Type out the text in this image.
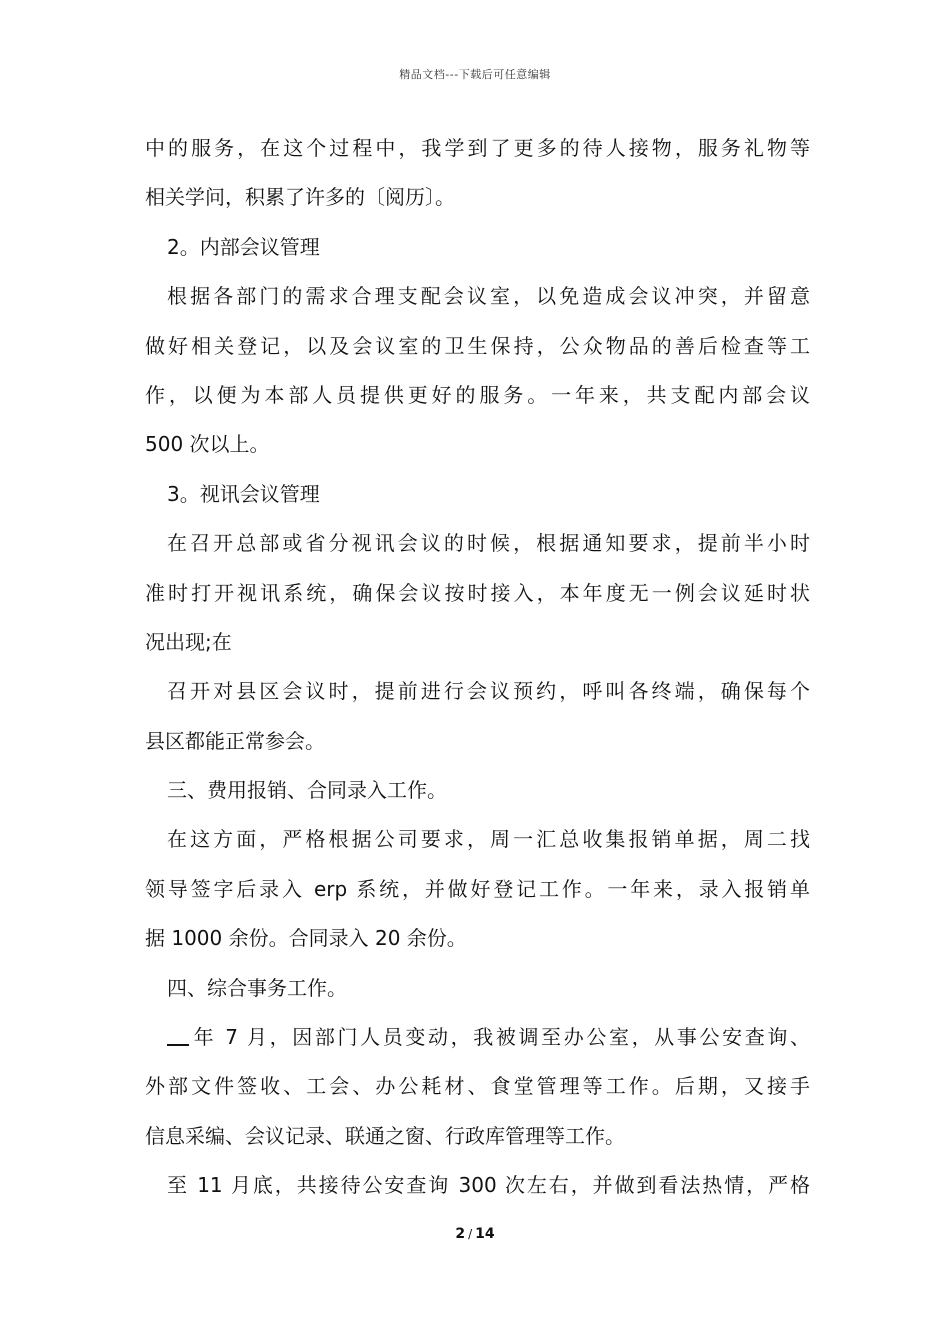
精品文档---下载后可任意编辑
中的服务，在这个过程中，我学到了更多的待人接物，服务礼物等
相关学问，积累了许多的〔阅历〕。
2。内部会议管理
根据各部门的需求合理支配会议室，以免造成会议冲突，并留意
做好相关登记，以及会议室的卫生保持，公众物品的善后检查等工
作，以便为本部人员提供更好的服务。一年来，共支配内部会议
500 次以上。
3。视讯会议管理
在召开总部或省分视讯会议的时候，根据通知要求，提前半小时
准时打开视讯系统，确保会议按时接入，本年度无一例会议延时状
况出现;在
召开对县区会议时，提前进行会议预约，呼叫各终端，确保每个
县区都能正常参会。
三、费用报销、合同录入工作。
在这方面，严格根据公司要求，周一汇总收集报销单据，周二找
领导签字后录入 erp 系统，并做好登记工作。一年来，录入报销单
据 1000 余份。合同录入 20 余份。
四、综合事务工作。
年 7 月，因部门人员变动，我被调至办公室，从事公安查询、
外部文件签收、工会、办公耗材、食堂管理等工作。后期，又接手
信息采编、会议记录、联通之窗、行政库管理等工作。
至 11 月底，共接待公安查询 300 次左右，并做到看法热情，严格
2 / 14
